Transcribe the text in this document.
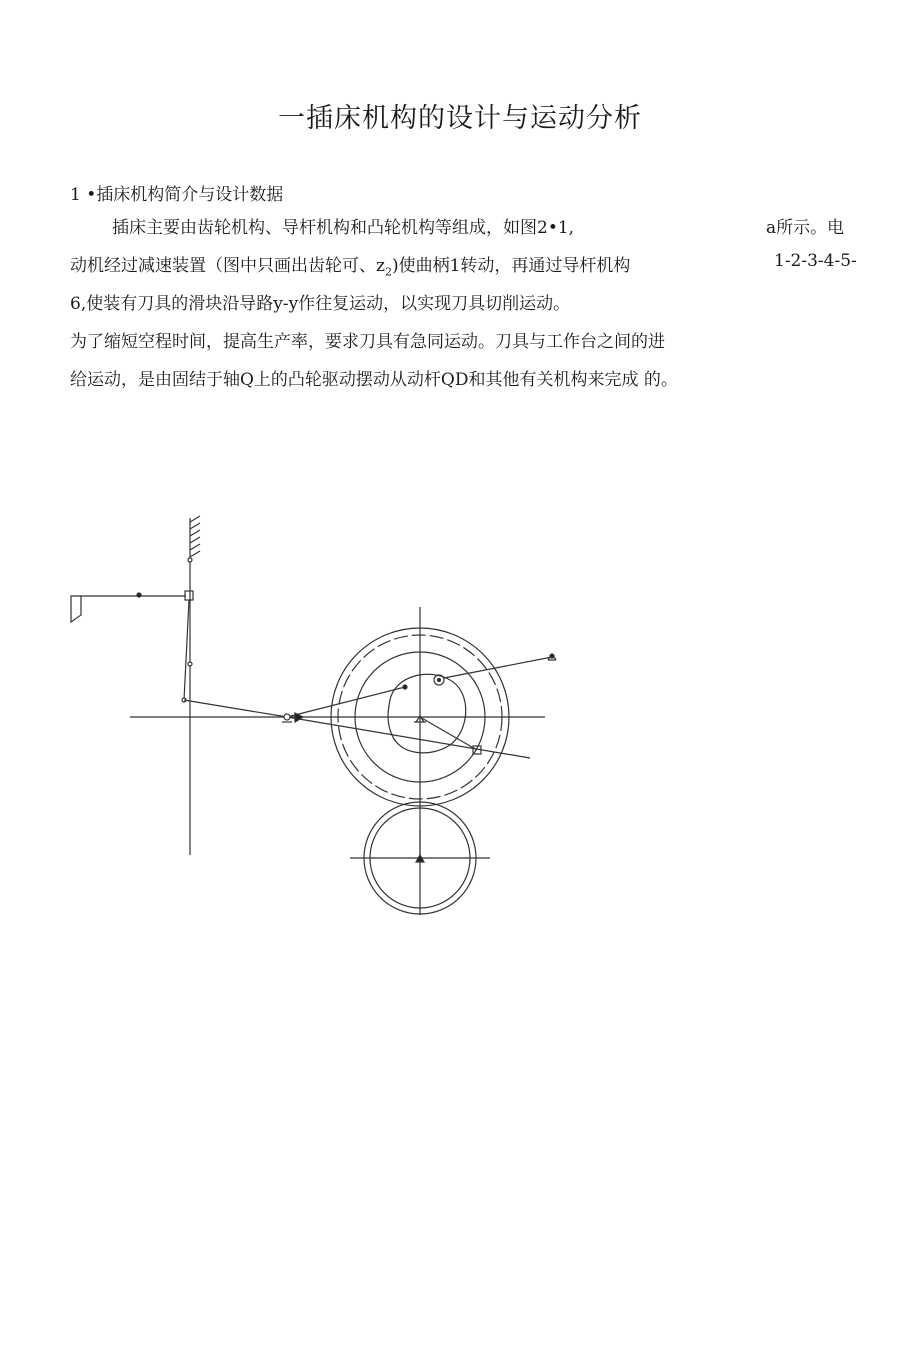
一插床机构的设计与运动分析
1 •插床机构简介与设计数据
插床主要由齿轮机构、导杆机构和凸轮机构等组成，如图2•1,	a所示。电
动机经过减速装置（图中只画出齿轮可、$z_2$)使曲柄1转动，再通过导杆机构	1-2-3-4-5-
6,使装有刀具的滑块沿导路y-y作往复运动，以实现刀具切削运动。
为了缩短空程时间，提高生产率，要求刀具有急同运动。刀具与工作台之间的进
给运动，是由固结于轴Q上的凸轮驱动摆动从动杆QD和其他有关机构来完成 的。
